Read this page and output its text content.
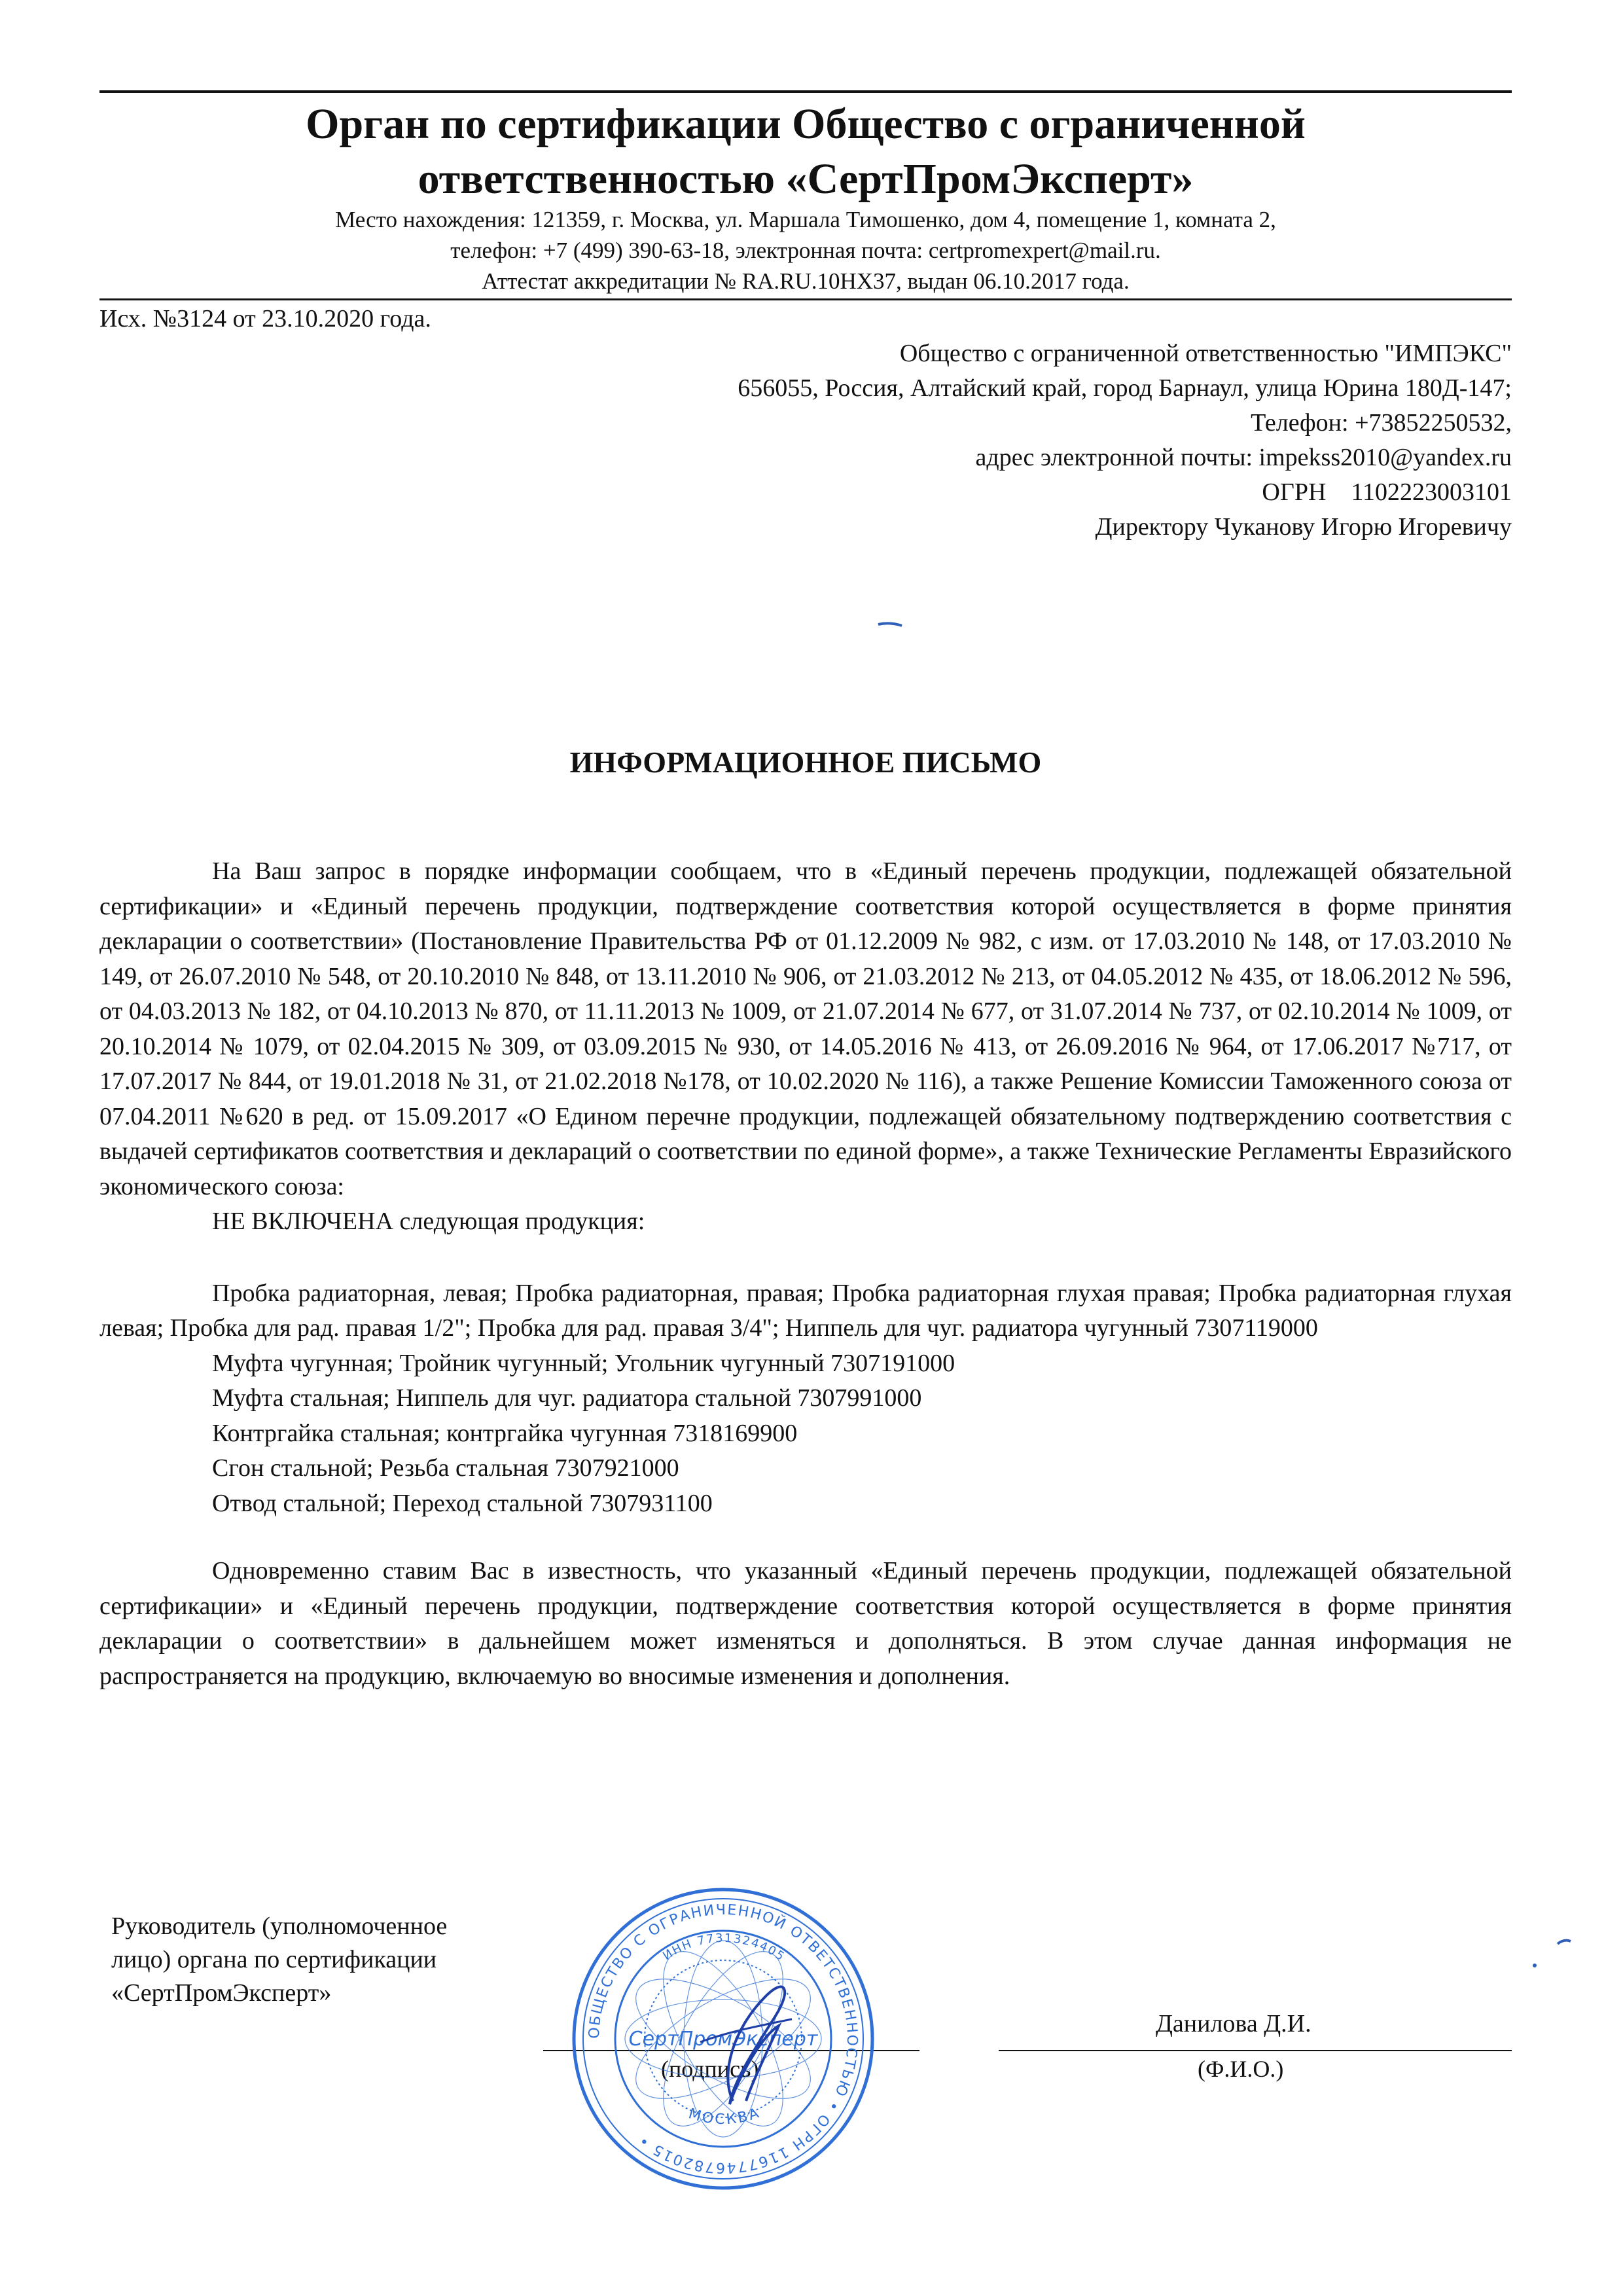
Орган по сертификации Общество с ограниченной
ответственностью «СертПромЭксперт»
Место нахождения: 121359, г. Москва, ул. Маршала Тимошенко, дом 4, помещение 1, комната 2,
телефон: +7 (499) 390-63-18, электронная почта: certpromexpert@mail.ru.
Аттестат аккредитации № RA.RU.10НХ37, выдан 06.10.2017 года.
Исх. №3124 от 23.10.2020 года.
Общество с ограниченной ответственностью "ИМПЭКС"
656055, Россия, Алтайский край, город Барнаул, улица Юрина 180Д-147;
Телефон: +73852250532,
адрес электронной почты: impekss2010@yandex.ru
ОГРН    1102223003101
Директору Чуканову Игорю Игоревичу
ИНФОРМАЦИОННОЕ ПИСЬМО

На Ваш запрос в порядке информации сообщаем, что в «Единый перечень продукции, подлежащей обязательной сертификации» и «Единый перечень продукции, подтверждение соответствия которой осуществляется в форме принятия декларации о соответствии» (Постановление Правительства РФ от 01.12.2009 № 982, с изм. от 17.03.2010 № 148, от 17.03.2010 № 149, от 26.07.2010 № 548, от 20.10.2010 № 848, от 13.11.2010 № 906, от 21.03.2012 № 213, от 04.05.2012 № 435, от 18.06.2012 № 596, от 04.03.2013 № 182, от 04.10.2013 № 870, от 11.11.2013 № 1009, от 21.07.2014 № 677, от 31.07.2014 № 737, от 02.10.2014 № 1009, от 20.10.2014 № 1079, от 02.04.2015 № 309, от 03.09.2015 № 930, от 14.05.2016 № 413, от 26.09.2016 № 964, от 17.06.2017 №717, от 17.07.2017 № 844, от 19.01.2018 № 31, от 21.02.2018 №178, от 10.02.2020 № 116), а также Решение Комиссии Таможенного союза от 07.04.2011 №620 в ред. от 15.09.2017 «О Едином перечне продукции, подлежащей обязательному подтверждению соответствия с выдачей сертификатов соответствия и деклараций о соответствии по единой форме», а также Технические Регламенты Евразийского экономического союза:

НЕ ВКЛЮЧЕНА следующая продукция:

Пробка радиаторная, левая; Пробка радиаторная, правая; Пробка радиаторная глухая правая; Пробка радиаторная глухая левая; Пробка для рад. правая 1/2"; Пробка для рад. правая 3/4"; Ниппель для чуг. радиатора чугунный 7307119000

Муфта чугунная; Тройник чугунный; Угольник чугунный 7307191000

Муфта стальная; Ниппель для чуг. радиатора стальной 7307991000

Контргайка стальная; контргайка чугунная 7318169900

Сгон стальной; Резьба стальная 7307921000

Отвод стальной; Переход стальной 7307931100

Одновременно ставим Вас в известность, что указанный «Единый перечень продукции, подлежащей обязательной сертификации» и «Единый перечень продукции, подтверждение соответствия которой осуществляется в форме принятия декларации о соответствии» в дальнейшем может изменяться и дополняться. В этом случае данная информация не распространяется на продукцию, включаемую во вносимые изменения и дополнения.

Руководитель (уполномоченное
лицо) органа по сертификации
«СертПромЭксперт»
Данилова Д.И.
(подпись)	(Ф.И.О.)
ОБЩЕСТВО С ОГРАНИЧЕННОЙ ОТВЕТСТВЕННОСТЬЮ • ОГРН 1167746782015 •
ИНН 7731324405
СертПромЭксперт
МОСКВА
